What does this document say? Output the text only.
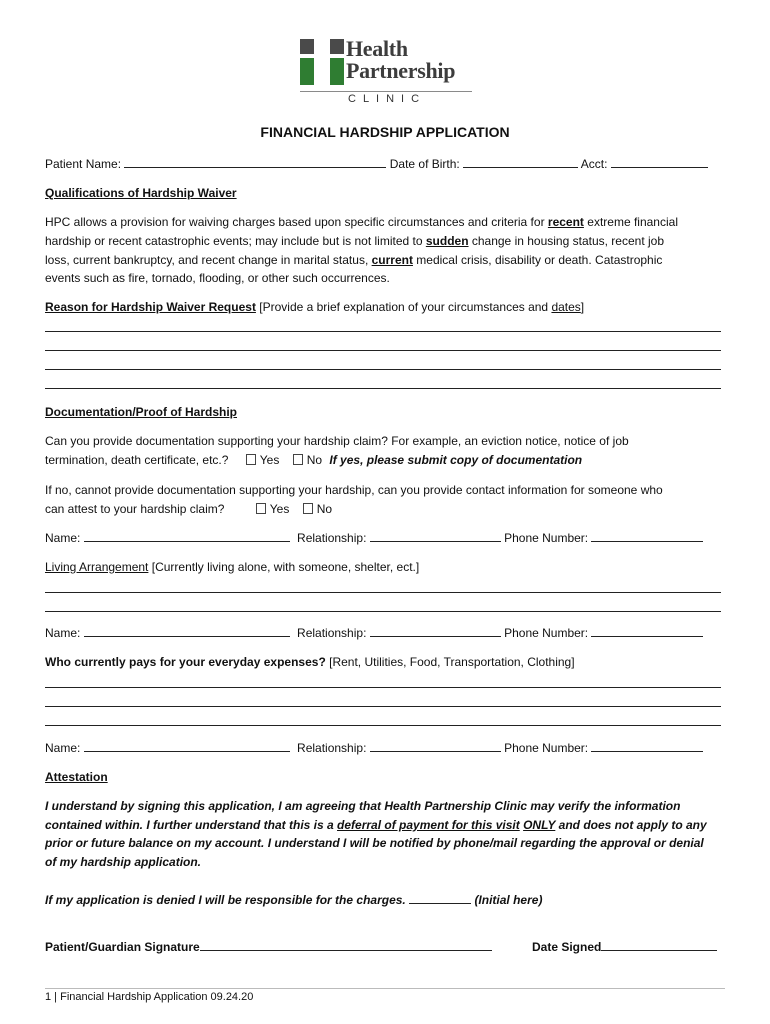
Health
Partnership
CLINIC
FINANCIAL HARDSHIP APPLICATION
Patient Name:	Date of Birth:	Acct:
Qualifications of Hardship Waiver
HPC allows a provision for waiving charges based upon specific circumstances and criteria for recent extreme financial
hardship or recent catastrophic events; may include but is not limited to sudden change in housing status, recent job
loss, current bankruptcy, and recent change in marital status, current medical crisis, disability or death. Catastrophic
events such as fire, tornado, flooding, or other such occurrences.
Reason for Hardship Waiver Request [Provide a brief explanation of your circumstances and dates]
Documentation/Proof of Hardship
Can you provide documentation supporting your hardship claim? For example, an eviction notice, notice of job
termination, death certificate, etc.?	Yes No If yes, please submit copy of documentation
If no, cannot provide documentation supporting your hardship, can you provide contact information for someone who
can attest to your hardship claim?	Yes No
Name:	Relationship:	Phone Number:
Living Arrangement [Currently living alone, with someone, shelter, ect.]
Name:	Relationship:	Phone Number:
Who currently pays for your everyday expenses? [Rent, Utilities, Food, Transportation, Clothing]
Name:	Relationship:	Phone Number:
Attestation
I understand by signing this application, I am agreeing that Health Partnership Clinic may verify the information
contained within. I further understand that this is a deferral of payment for this visit ONLY and does not apply to any
prior or future balance on my account. I understand I will be notified by phone/mail regarding the approval or denial
of my hardship application.
If my application is denied I will be responsible for the charges.	(Initial here)
Patient/Guardian Signature	Date Signed
1 | Financial Hardship Application 09.24.20
